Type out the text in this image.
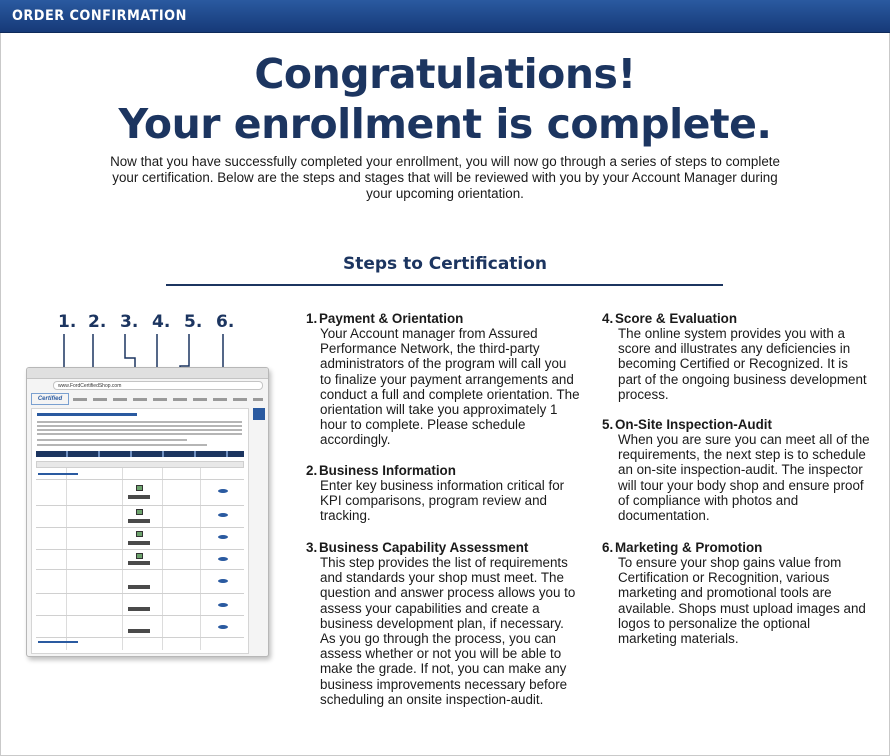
ORDER CONFIRMATION
Congratulations!
Your enrollment is complete.
Now that you have successfully completed your enrollment, you will now go through a series of steps to complete your certification. Below are the steps and stages that will be reviewed with you by your Account Manager during your upcoming orientation.
Steps to Certification
1. 2. 3. 4. 5. 6.
www.FordCertifiedShop.com
Certified
1. Payment & Orientation
Your Account manager from Assured Performance Network, the third-party administrators of the program will call you to finalize your payment arrangements and conduct a full and complete orientation. The orientation will take you approximately 1 hour to complete. Please schedule accordingly.
2. Business Information
Enter key business information critical for KPI comparisons, program review and tracking.
3. Business Capability Assessment
This step provides the list of requirements and standards your shop must meet. The question and answer process allows you to assess your capabilities and create a business development plan, if necessary. As you go through the process, you can assess whether or not you will be able to make the grade. If not, you can make any business improvements necessary before scheduling an onsite inspection-audit.
4. Score & Evaluation
The online system provides you with a score and illustrates any deficiencies in becoming Certified or Recognized. It is part of the ongoing business development process.
5. On-Site Inspection-Audit
When you are sure you can meet all of the requirements, the next step is to schedule an on-site inspection-audit. The inspector will tour your body shop and ensure proof of compliance with photos and documentation.
6. Marketing & Promotion
To ensure your shop gains value from Certification or Recognition, various marketing and promotional tools are available. Shops must upload images and logos to personalize the optional marketing materials.
